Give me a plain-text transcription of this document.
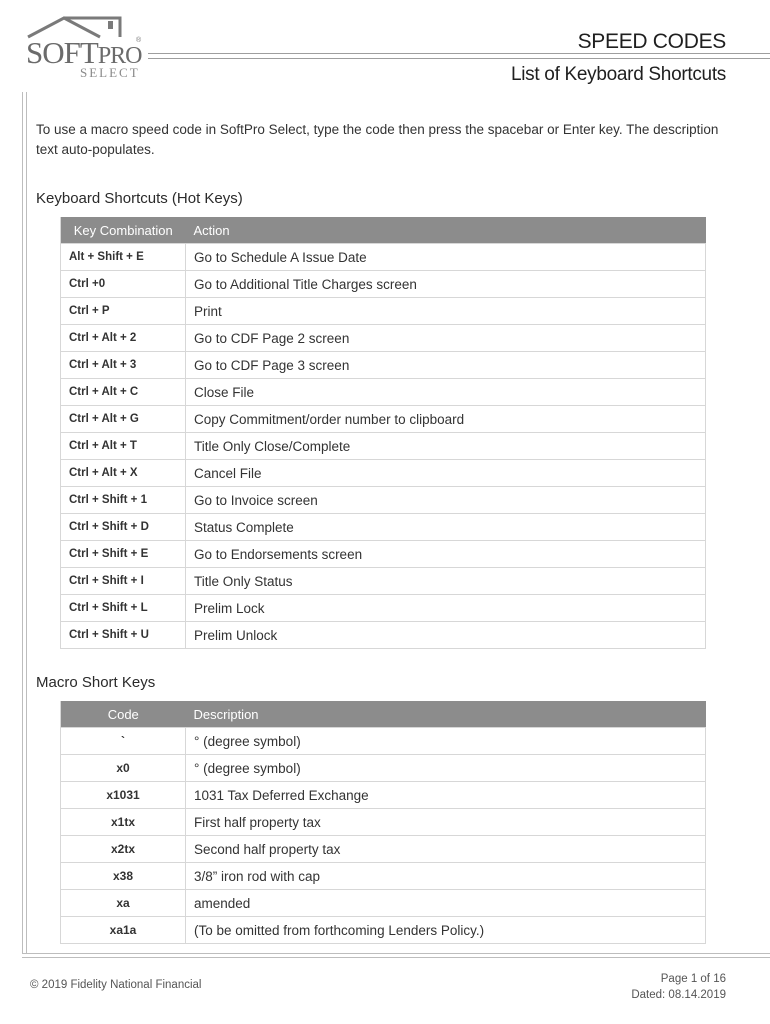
SOFTPRO
®
SELECT
SPEED CODES
List of Keyboard Shortcuts
To use a macro speed code in SoftPro Select, type the code then press the spacebar or Enter key. The description text auto-populates.
Keyboard Shortcuts (Hot Keys)
Key Combination	Action
Alt + Shift + E	Go to Schedule A Issue Date
Ctrl +0	Go to Additional Title Charges screen
Ctrl + P	Print
Ctrl + Alt + 2	Go to CDF Page 2 screen
Ctrl + Alt + 3	Go to CDF Page 3 screen
Ctrl + Alt + C	Close File
Ctrl + Alt + G	Copy Commitment/order number to clipboard
Ctrl + Alt + T	Title Only Close/Complete
Ctrl + Alt + X	Cancel File
Ctrl + Shift + 1	Go to Invoice screen
Ctrl + Shift + D	Status Complete
Ctrl + Shift + E	Go to Endorsements screen
Ctrl + Shift + I	Title Only Status
Ctrl + Shift + L	Prelim Lock
Ctrl + Shift + U	Prelim Unlock
Macro Short Keys
Code	Description
`	° (degree symbol)
x0	° (degree symbol)
x1031	1031 Tax Deferred Exchange
x1tx	First half property tax
x2tx	Second half property tax
x38	3/8” iron rod with cap
xa	amended
xa1a	(To be omitted from forthcoming Lenders Policy.)
© 2019 Fidelity National Financial	Page 1 of 16
Dated: 08.14.2019
